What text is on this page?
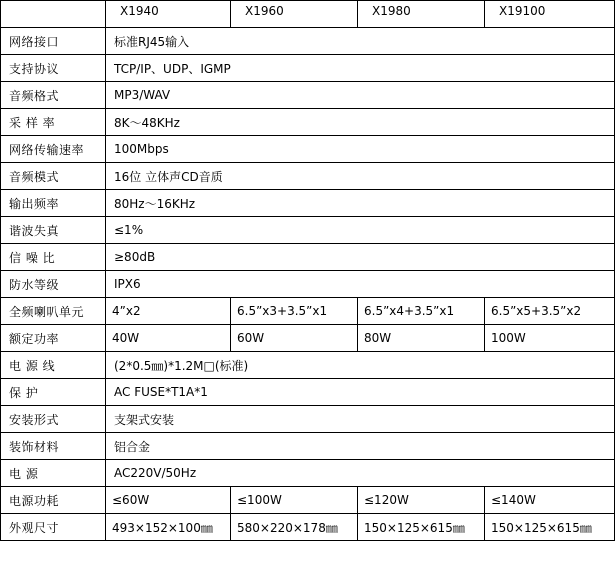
	X1940	X1960	X1980	X19100
网络接口	标准RJ45输入			
支持协议	TCP/IP、UDP、IGMP			
音频格式	MP3/WAV			
采 样 率	8K～48KHz			
网络传输速率	100Mbps			
音频模式	16位 立体声CD音质			
输出频率	80Hz～16KHz			
谐波失真	≤1%			
信 噪 比	≥80dB			
防水等级	IPX6			
全频喇叭单元	4”x2	6.5”x3+3.5”x1	6.5”x4+3.5”x1	6.5”x5+3.5”x2
额定功率	40W	60W	80W	100W
电 源 线	(2*0.5㎜)*1.2M□(标准)			
保 护	AC FUSE*T1A*1			
安装形式	支架式安装			
装饰材料	铝合金			
电 源	AC220V/50Hz			
电源功耗	≤60W	≤100W	≤120W	≤140W
外观尺寸	493×152×100㎜	580×220×178㎜	150×125×615㎜	150×125×615㎜
